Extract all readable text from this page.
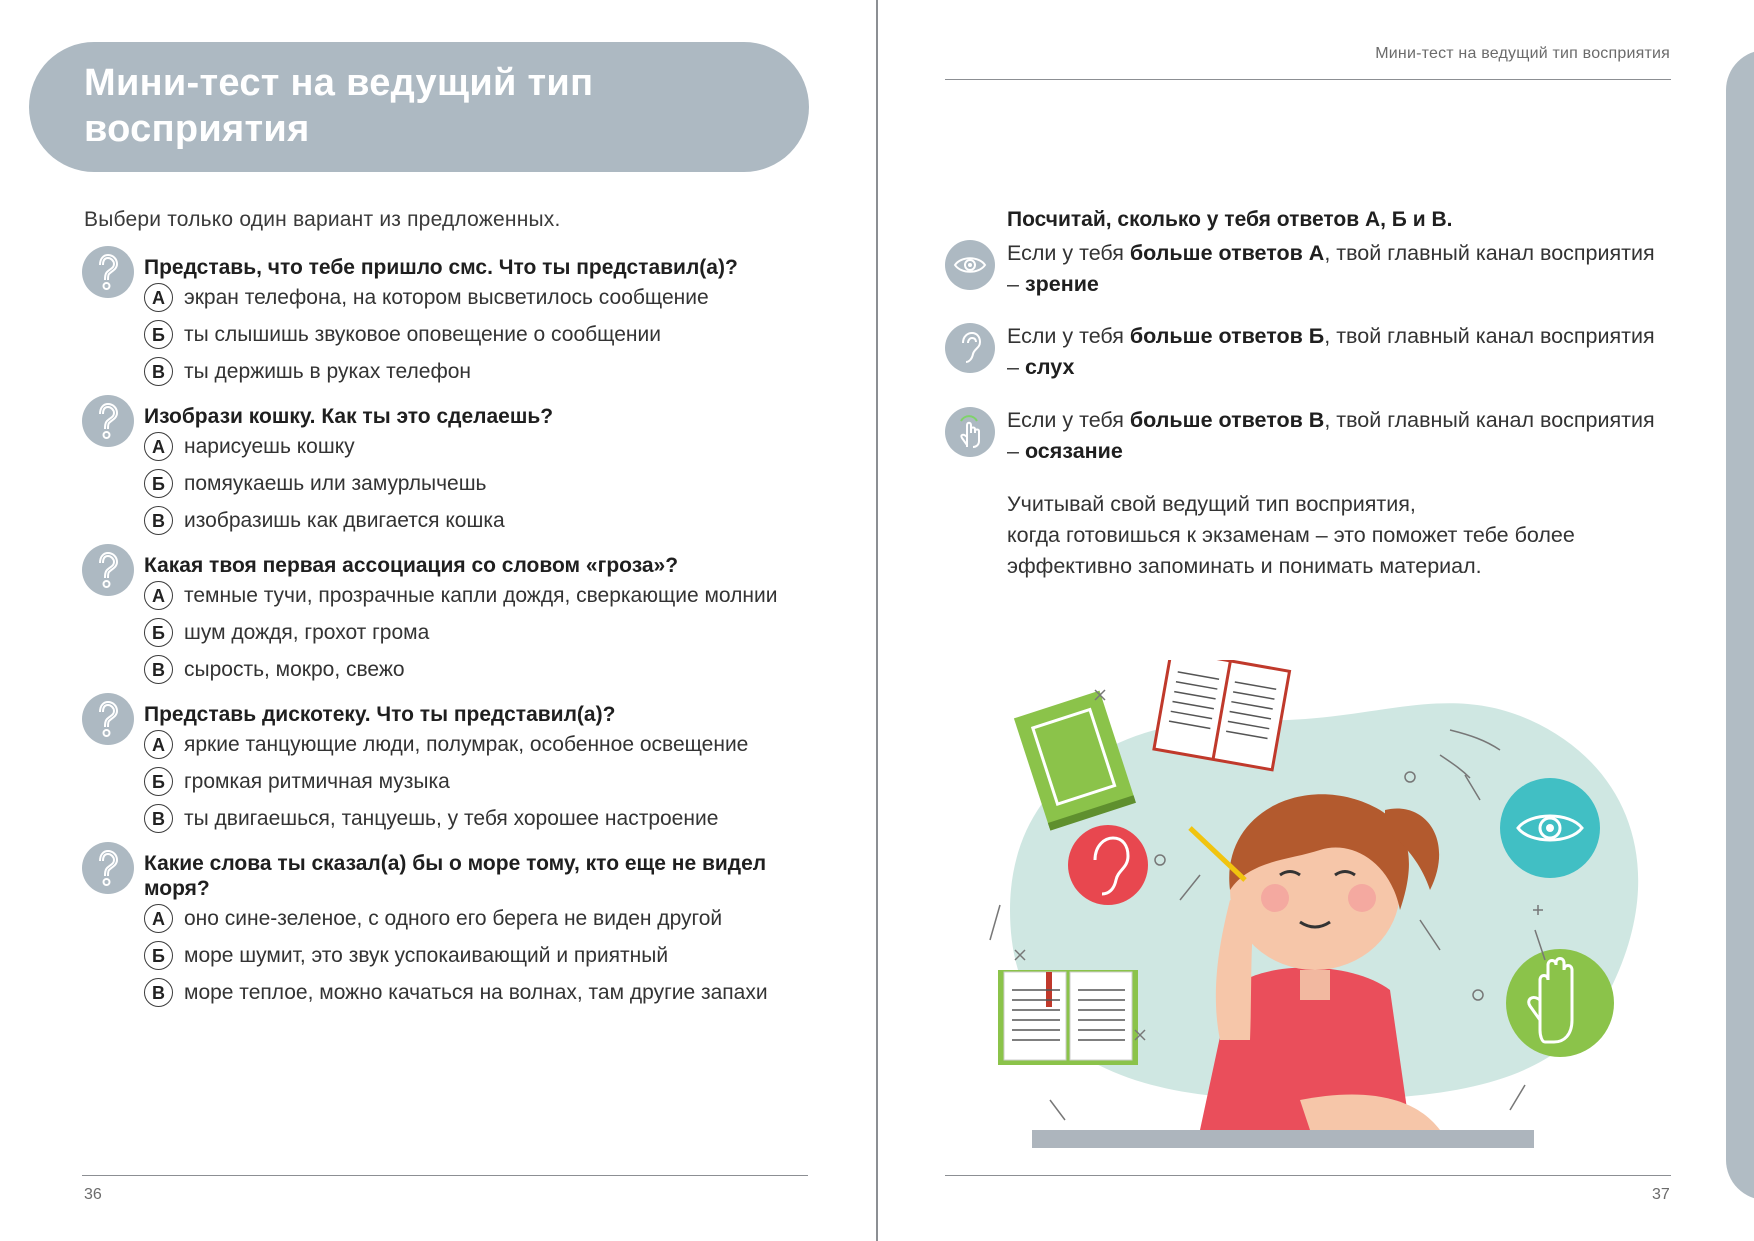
Мини-тест на ведущий тип восприятия
Выбери только один вариант из предложенных.
Представь, что тебе пришло смс. Что ты представил(а)?
А экран телефона, на котором высветилось сообщение
Б ты слышишь звуковое оповещение о сообщении
В ты держишь в руках телефон
Изобрази кошку. Как ты это сделаешь?
А нарисуешь кошку
Б помяукаешь или замурлычешь
В изобразишь как двигается кошка
Какая твоя первая ассоциация со словом «гроза»?
А темные тучи, прозрачные капли дождя, сверкающие молнии
Б шум дождя, грохот грома
В сырость, мокро, свежо
Представь дискотеку. Что ты представил(а)?
А яркие танцующие люди, полумрак, особенное освещение
Б громкая ритмичная музыка
В ты двигаешься, танцуешь, у тебя хорошее настроение
Какие слова ты сказал(а) бы о море тому, кто еще не видел моря?
А оно сине-зеленое, с одного его берега не виден другой
Б море шумит, это звук успокаивающий и приятный
В море теплое, можно качаться на волнах, там другие запахи
36
Мини-тест на ведущий тип восприятия
Посчитай, сколько у тебя ответов А, Б и В.
Если у тебя больше ответов А, твой главный канал восприятия – зрение
Если у тебя больше ответов Б, твой главный канал восприятия – слух
Если у тебя больше ответов В, твой главный канал восприятия – осязание
Учитывай свой ведущий тип восприятия,
когда готовишься к экзаменам – это поможет тебе более эффективно запоминать и понимать материал.
37
